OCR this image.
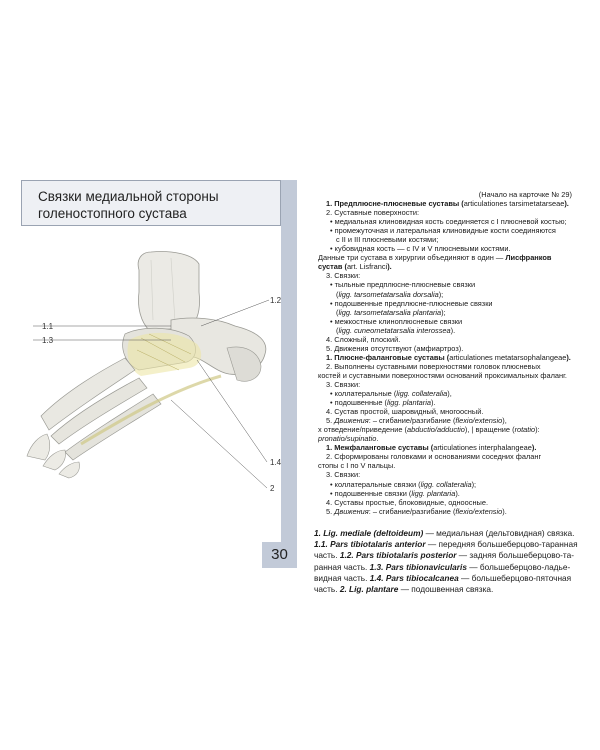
Связки медиальной стороны
голеностопного сустава
1.2
1.1
1.3
1.4
2
30
(Начало на карточке № 29)
1. Предплюсне-плюсневые суставы (articulationes tarsimetatarseae).
2. Суставные поверхности:
• медиальная клиновидная кость соединяется с I плюсневой костью;
• промежуточная и латеральная клиновидные кости соединяются
с II и III плюсневыми костями;
• кубовидная кость — с IV и V плюсневыми костями.
Данные три сустава в хирургии объединяют в один — Лисфранков
сустав (art. Lisfranci).
3. Связки:
• тыльные предплюсне-плюсневые связки
(ligg. tarsometatarsalia dorsalia);
• подошвенные предплюсне-плюсневые связки
(ligg. tarsometatarsalia plantaria);
• межкостные клинoплюсневые связки
(ligg. cuneometatarsalia interossea).
4. Сложный, плоский.
5. Движения отсутствуют (амфиартроз).
1. Плюсне-фаланговые суставы (articulationes metatarsophalangeae).
2. Выполнены суставными поверхностями головок плюсневых
костей и суставными поверхностями оснований проксимальных фаланг.
3. Связки:
• коллатеральные (ligg. collateralia),
• подошвенные (ligg. plantaria).
4. Сустав простой, шаровидный, многоосный.
5. Движения: – сгибание/разгибание (flexio/extensio),
х отведение/приведение (abductio/adductio), | вращение (rotatio):
pronatio/supinatio.
1. Межфаланговые суставы (articulationes interphalangeae).
2. Сформированы головками и основаниями соседних фаланг
стопы с I по V пальцы.
3. Связки:
• коллатеральные связки (ligg. collateralia);
• подошвенные связки (ligg. plantaria).
4. Суставы простые, блоковидные, одноосные.
5. Движения: – сгибание/разгибание (flexio/extensio).
1. Lig. mediale (deltoideum) — медиальная (дельтовидная) связка.
1.1. Pars tibiotalaris anterior — передняя большеберцово-таранная
часть. 1.2. Pars tibiotalaris posterior — задняя большеберцово-та-
ранная часть. 1.3. Pars tibionavicularis — большеберцово-ладье-
видная часть. 1.4. Pars tibiocalcanea — большеберцово-пяточная
часть. 2. Lig. plantare — подошвенная связка.
